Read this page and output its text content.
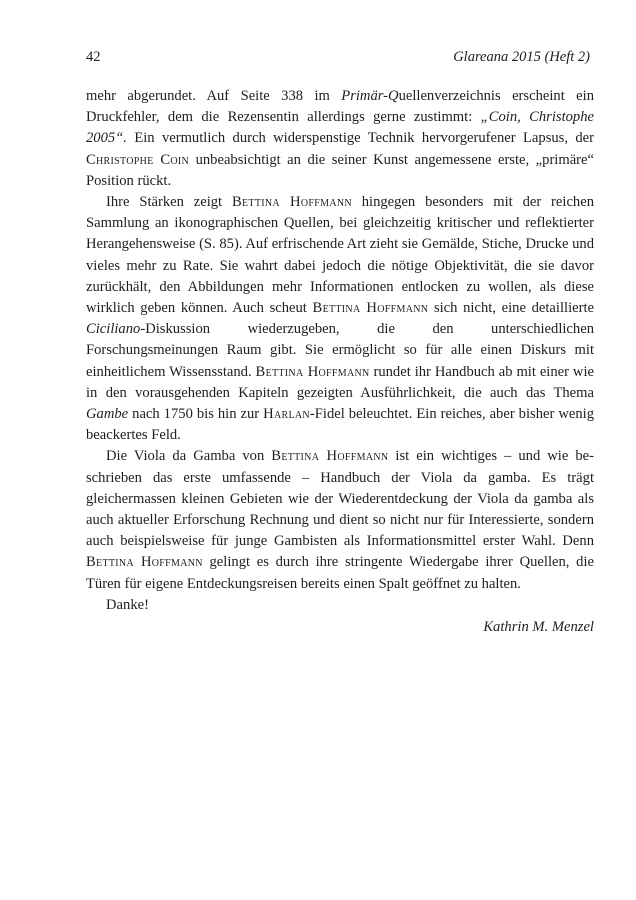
42	Glareana 2015 (Heft 2)

mehr abgerundet. Auf Seite 338 im Primär-Quellenverzeichnis erscheint ein Druckfehler, dem die Rezensentin allerdings gerne zustimmt: „Coin, Christophe 2005“. Ein vermutlich durch widerspenstige Technik hervorgerufener Lapsus, der Christophe Coin unbeabsichtigt an die seiner Kunst angemessene erste, „primäre“ Position rückt.

Ihre Stärken zeigt Bettina Hoffmann hingegen besonders mit der reichen Sammlung an ikonographischen Quellen, bei gleichzeitig kritischer und reflektierter Herangehensweise (S. 85). Auf erfrischende Art zieht sie Gemälde, Stiche, Drucke und vieles mehr zu Rate. Sie wahrt dabei jedoch die nötige Objektivität, die sie davor zurückhält, den Abbildungen mehr Informationen entlocken zu wollen, als diese wirklich geben können. Auch scheut Bettina Hoffmann sich nicht, eine detaillierte Ciciliano-Diskussion wiederzugeben, die den unterschiedlichen Forschungsmeinungen Raum gibt. Sie ermöglicht so für alle einen Diskurs mit einheitlichem Wissensstand. Bettina Hoffmann rundet ihr Handbuch ab mit einer wie in den vorausgehenden Kapiteln gezeigten Ausführlichkeit, die auch das Thema Gambe nach 1750 bis hin zur Harlan-Fidel beleuchtet. Ein reiches, aber bisher wenig beackertes Feld.

Die Viola da Gamba von Bettina Hoffmann ist ein wichtiges – und wie beschrieben das erste umfassende – Handbuch der Viola da gamba. Es trägt gleichermassen kleinen Gebieten wie der Wiederentdeckung der Viola da gamba als auch aktueller Erforschung Rechnung und dient so nicht nur für Interessierte, sondern auch beispielsweise für junge Gambisten als Informationsmittel erster Wahl. Denn Bettina Hoffmann gelingt es durch ihre stringente Wiedergabe ihrer Quellen, die Türen für eigene Entdeckungsreisen bereits einen Spalt geöffnet zu halten.

Danke!

Kathrin M. Menzel
